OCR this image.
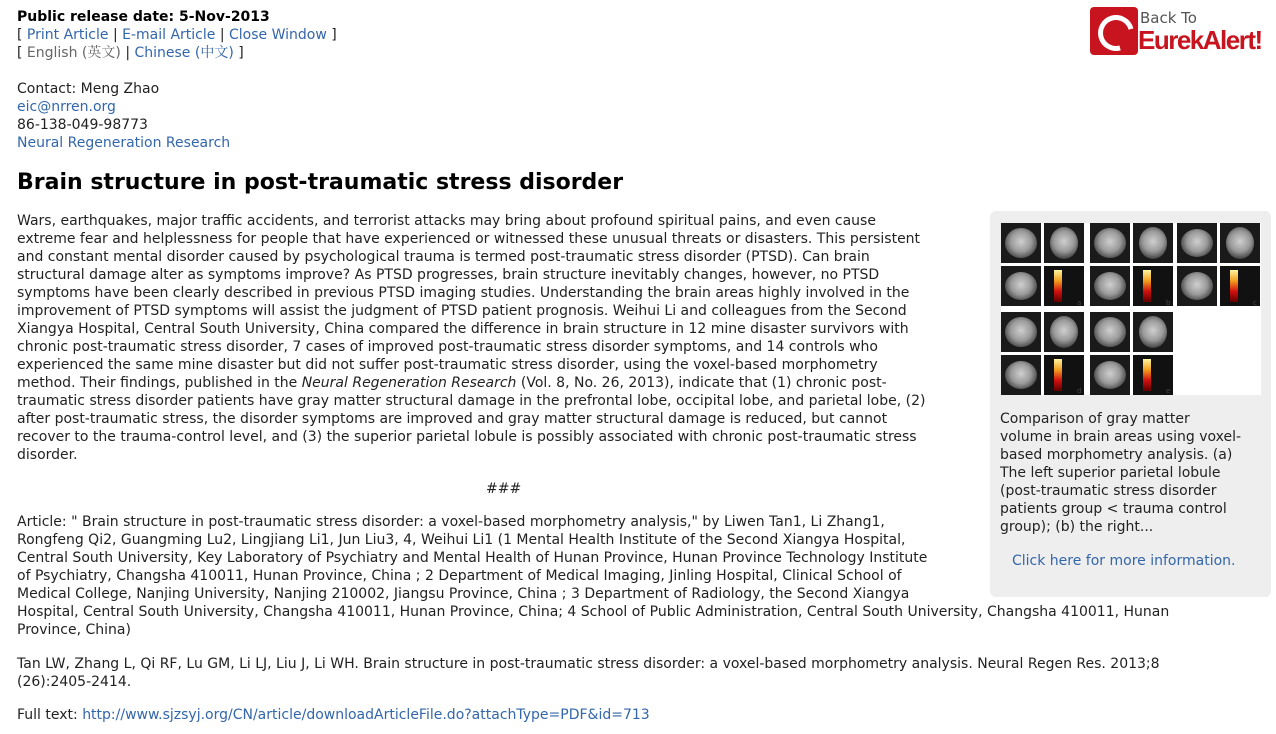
Public release date: 5-Nov-2013
[ Print Article | E-mail Article | Close Window ]
[ English (英文) | Chinese (中文) ]
Contact: Meng Zhao
eic@nrren.org
86-138-049-98773
Neural Regeneration Research
Back To
EurekAlert!
Brain structure in post-traumatic stress disorder
Wars, earthquakes, major traffic accidents, and terrorist attacks may bring about profound spiritual pains, and even cause
extreme fear and helplessness for people that have experienced or witnessed these unusual threats or disasters. This persistent
and constant mental disorder caused by psychological trauma is termed post-traumatic stress disorder (PTSD). Can brain
structural damage alter as symptoms improve? As PTSD progresses, brain structure inevitably changes, however, no PTSD
symptoms have been clearly described in previous PTSD imaging studies. Understanding the brain areas highly involved in the
improvement of PTSD symptoms will assist the judgment of PTSD patient prognosis. Weihui Li and colleagues from the Second
Xiangya Hospital, Central South University, China compared the difference in brain structure in 12 mine disaster survivors with
chronic post-traumatic stress disorder, 7 cases of improved post-traumatic stress disorder symptoms, and 14 controls who
experienced the same mine disaster but did not suffer post-traumatic stress disorder, using the voxel-based morphometry
method. Their findings, published in the Neural Regeneration Research (Vol. 8, No. 26, 2013), indicate that (1) chronic post-
traumatic stress disorder patients have gray matter structural damage in the prefrontal lobe, occipital lobe, and parietal lobe, (2)
after post-traumatic stress, the disorder symptoms are improved and gray matter structural damage is reduced, but cannot
recover to the trauma-control level, and (3) the superior parietal lobule is possibly associated with chronic post-traumatic stress
disorder.
###
Article: " Brain structure in post-traumatic stress disorder: a voxel-based morphometry analysis," by Liwen Tan1, Li Zhang1,
Rongfeng Qi2, Guangming Lu2, Lingjiang Li1, Jun Liu3, 4, Weihui Li1 (1 Mental Health Institute of the Second Xiangya Hospital,
Central South University, Key Laboratory of Psychiatry and Mental Health of Hunan Province, Hunan Province Technology Institute
of Psychiatry, Changsha 410011, Hunan Province, China ; 2 Department of Medical Imaging, Jinling Hospital, Clinical School of
Medical College, Nanjing University, Nanjing 210002, Jiangsu Province, China ; 3 Department of Radiology, the Second Xiangya
Hospital, Central South University, Changsha 410011, Hunan Province, China; 4 School of Public Administration, Central South University, Changsha 410011, Hunan
Province, China)
Tan LW, Zhang L, Qi RF, Lu GM, Li LJ, Liu J, Li WH. Brain structure in post-traumatic stress disorder: a voxel-based morphometry analysis. Neural Regen Res. 2013;8
(26):2405-2414.
Full text: http://www.sjzsyj.org/CN/article/downloadArticleFile.do?attachType=PDF&id=713
a	b	c
d	e
Comparison of gray matter
volume in brain areas using voxel-
based morphometry analysis. (a)
The left superior parietal lobule
(post-traumatic stress disorder
patients group < trauma control
group); (b) the right...
Click here for more information.
